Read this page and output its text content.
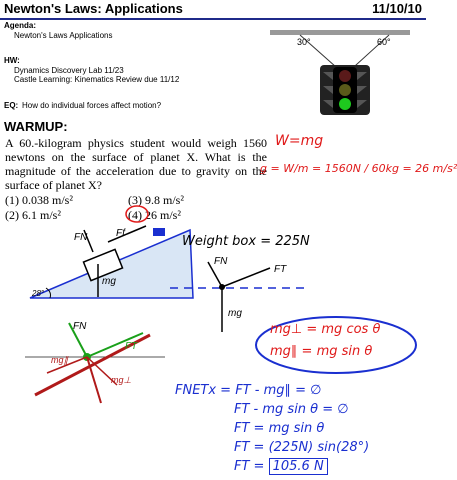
Newton's Laws: Applications	11/10/10
Agenda:
Newton's Laws Applications
HW:
Dynamics Discovery Lab 11/23
Castle Learning: Kinematics Review due 11/12
EQ: How do individual forces affect motion?
30°	60°
WARMUP:
A 60.-kilogram physics student would weigh 1560 newtons on the surface of planet X. What is the magnitude of the acceleration due to gravity on the surface of planet X?
(1) 0.038 m/s²
(2) 6.1 m/s²
(3) 9.8 m/s²
(4) 26 m/s²
W=mg
g = W/m = 1560N / 60kg = 26 m/s²
FN	Ff
mg
28°
Weight box = 225N
FN
FT
mg
FN
FT
mg∥
mg⊥
mg⊥ = mg cos θ
mg∥ = mg sin θ
FNETx = FT - mg∥ = ∅
FT - mg sin θ = ∅
FT = mg sin θ
FT = (225N) sin(28°)
FT = 105.6 N
